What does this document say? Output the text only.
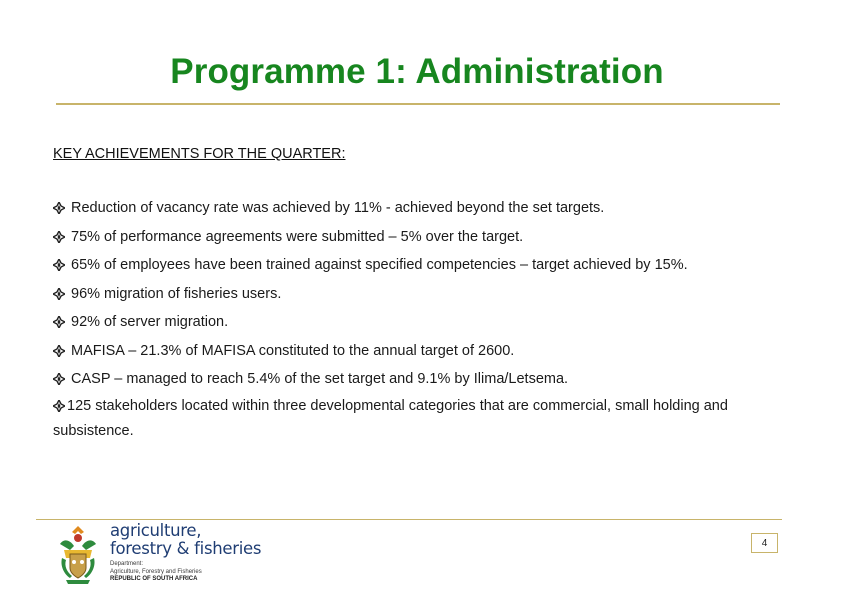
Programme 1: Administration
KEY ACHIEVEMENTS FOR THE QUARTER:
Reduction of vacancy rate was achieved by 11% - achieved beyond the set targets.
75% of performance agreements were submitted – 5% over the target.
65% of employees have been trained against specified competencies – target achieved by 15%.
96% migration of fisheries users.
92% of server migration.
MAFISA – 21.3% of MAFISA constituted to the annual target of 2600.
CASP – managed to reach 5.4% of the set target and 9.1% by Ilima/Letsema.
125 stakeholders located within three developmental categories that are commercial, small holding and subsistence.
agriculture,
forestry & fisheries
Department:
Agriculture, Forestry and Fisheries
REPUBLIC OF SOUTH AFRICA
4
